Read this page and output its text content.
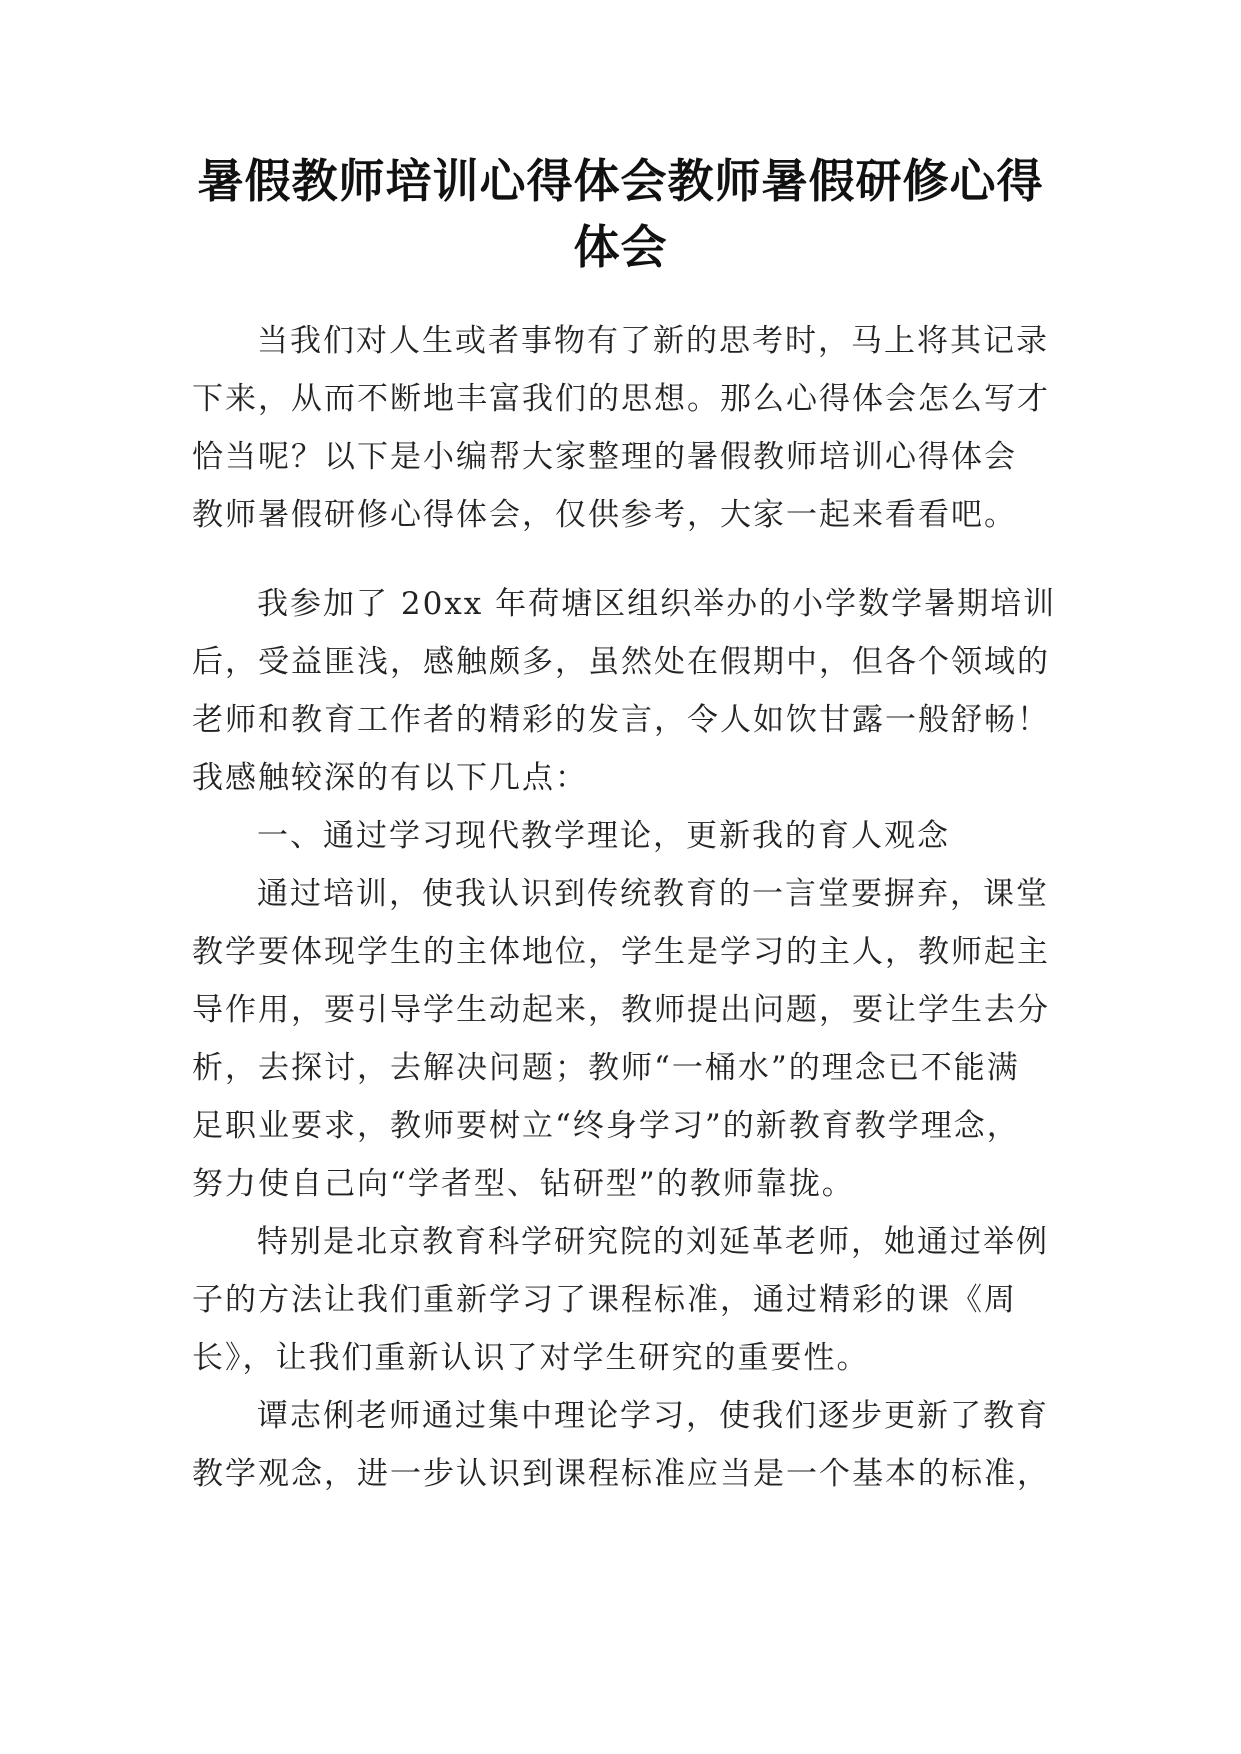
暑假教师培训心得体会教师暑假研修心得
体会
当我们对人生或者事物有了新的思考时，马上将其记录
下来，从而不断地丰富我们的思想。那么心得体会怎么写才
恰当呢？以下是小编帮大家整理的暑假教师培训心得体会
教师暑假研修心得体会，仅供参考，大家一起来看看吧。
我参加了 20xx 年荷塘区组织举办的小学数学暑期培训
后，受益匪浅，感触颇多，虽然处在假期中，但各个领域的
老师和教育工作者的精彩的发言，令人如饮甘露一般舒畅！
我感触较深的有以下几点：
一、通过学习现代教学理论，更新我的育人观念
通过培训，使我认识到传统教育的一言堂要摒弃，课堂
教学要体现学生的主体地位，学生是学习的主人，教师起主
导作用，要引导学生动起来，教师提出问题，要让学生去分
析，去探讨，去解决问题；教师“一桶水”的理念已不能满
足职业要求，教师要树立“终身学习”的新教育教学理念，
努力使自己向“学者型、钻研型”的教师靠拢。
特别是北京教育科学研究院的刘延革老师，她通过举例
子的方法让我们重新学习了课程标准，通过精彩的课《周
长》，让我们重新认识了对学生研究的重要性。
谭志俐老师通过集中理论学习，使我们逐步更新了教育
教学观念，进一步认识到课程标准应当是一个基本的标准，
